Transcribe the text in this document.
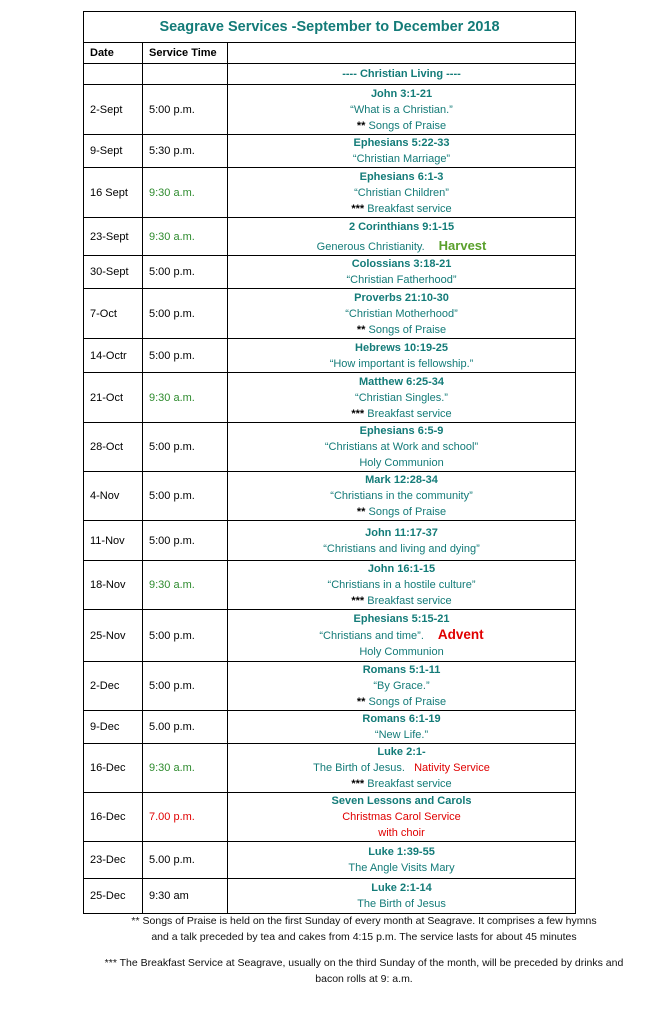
Seagrave Services -September to December 2018		
Date	Service Time	
		---- Christian Living ----
2-Sept	5:00 p.m.	John 3:1-21
“What is a Christian.”
** Songs of Praise

9-Sept	5:30 p.m.	Ephesians 5:22-33
“Christian Marriage”

16 Sept	9:30 a.m.	Ephesians 6:1-3
“Christian Children”
*** Breakfast service

23-Sept	9:30 a.m.	2 Corinthians 9:1-15
Generous Christianity. Harvest

30-Sept	5:00 p.m.	Colossians 3:18-21
“Christian Fatherhood”

7-Oct	5:00 p.m.	Proverbs 21:10-30
“Christian Motherhood”
** Songs of Praise

14-Octr	5:00 p.m.	Hebrews 10:19-25
“How important is fellowship.”

21-Oct	9:30 a.m.	Matthew 6:25-34
“Christian Singles.”
*** Breakfast service

28-Oct	5:00 p.m.	Ephesians 6:5-9
“Christians at Work and school”
Holy Communion

4-Nov	5:00 p.m.	Mark 12:28-34
“Christians in the community”
** Songs of Praise

11-Nov	5:00 p.m.	John 11:17-37
“Christians and living and dying”

18-Nov	9:30 a.m.	John 16:1-15
“Christians in a hostile culture”
*** Breakfast service

25-Nov	5:00 p.m.	Ephesians 5:15-21
“Christians and time”. Advent
Holy Communion

2-Dec	5:00 p.m.	Romans 5:1-11
“By Grace.”
** Songs of Praise

9-Dec	5.00 p.m.	Romans 6:1-19
“New Life.”

16-Dec	9:30 a.m.	Luke 2:1-
The Birth of Jesus. Nativity Service
*** Breakfast service

16-Dec	7.00 p.m.	Seven Lessons and Carols
Christmas Carol Service
with choir

23-Dec	5.00 p.m.	Luke 1:39-55
The Angle Visits Mary

25-Dec	9:30 am	Luke 2:1-14
The Birth of Jesus
** Songs of Praise is held on the first Sunday of every month at Seagrave. It comprises a few hymns
and a talk preceded by tea and cakes from 4:15 p.m. The service lasts for about 45 minutes
*** The Breakfast Service at Seagrave, usually on the third Sunday of the month, will be preceded by drinks and
bacon rolls at 9: a.m.
